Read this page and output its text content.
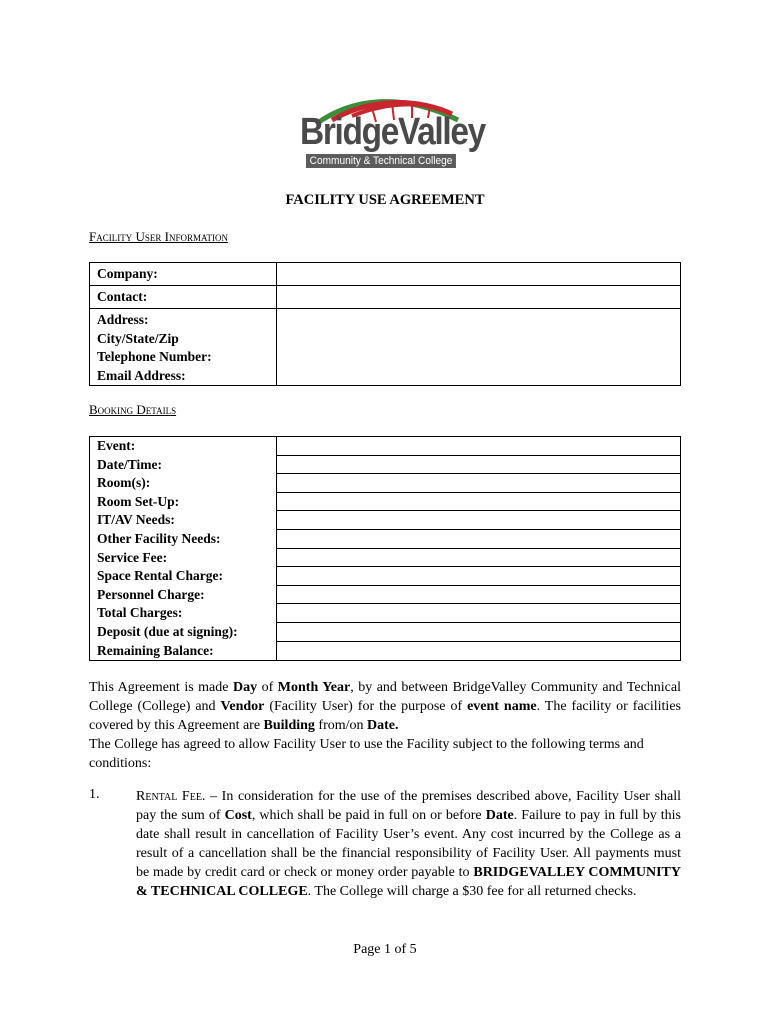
BridgeValley
Community & Technical College
FACILITY USE AGREEMENT
Facility User Information
Company:	

Contact:	

Address:
City/State/Zip
Telephone Number:
Email Address:	

Booking Details
Event:
Date/Time:
Room(s):
Room Set-Up:
IT/AV Needs:
Other Facility Needs:
Service Fee:
Space Rental Charge:
Personnel Charge:
Total Charges:
Deposit (due at signing):
Remaining Balance:

This Agreement is made Day of Month Year, by and between BridgeValley Community and Technical College (College) and Vendor (Facility User) for the purpose of event name. The facility or facilities covered by this Agreement are Building from/on Date.
The College has agreed to allow Facility User to use the Facility subject to the following terms and conditions:
1.	Rental Fee. – In consideration for the use of the premises described above, Facility User shall pay the sum of Cost, which shall be paid in full on or before Date. Failure to pay in full by this date shall result in cancellation of Facility User’s event. Any cost incurred by the College as a result of a cancellation shall be the financial responsibility of Facility User. All payments must be made by credit card or check or money order payable to BRIDGEVALLEY COMMUNITY & TECHNICAL COLLEGE. The College will charge a $30 fee for all returned checks.
Page 1 of 5
